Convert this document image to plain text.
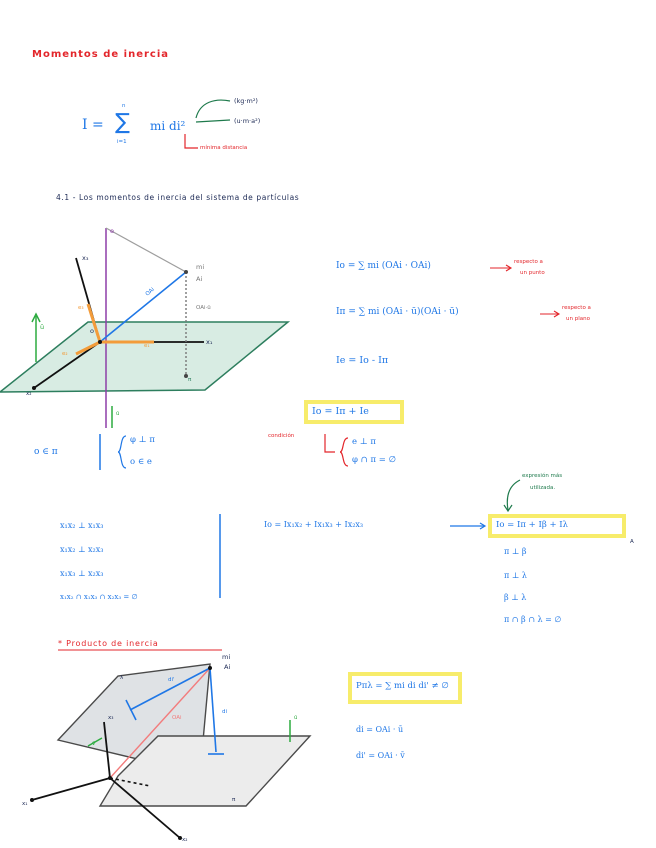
Momentos de inercia
I = ∑
n
i=1
mi di²
(kg·m²)
(u·m·a²)
mínima distancia
4.1 - Los momentos de inercia del sistema de partículas
e
x₃
x₁
x₂
o
mi
Ai
OAi
OAi·ū
π
ū
ū
e₁
e₃
e₂
Io = ∑ mi (OAi · OAi)	respecto a
un punto
Iπ = ∑ mi (OAi · ū)(OAi · ū)	respecto a
un plano
Ie = Io - Iπ
Io = Iπ + Ie
o ∈ π
φ ⊥ π
o ∈ e
condición
e ⊥ π
φ ∩ π = ∅
expresión más
utilizada.
x₁x₂ ⊥ x₁x₃
x₁x₂ ⊥ x₂x₃
x₁x₃ ⊥ x₂x₃
x₁x₂ ∩ x₁x₃ ∩ x₂x₃ = ∅
Io = Ix₁x₂ + Ix₁x₃ + Ix₂x₃	Io = Iπ + Iβ + Iλ
A
π ⊥ β
π ⊥ λ
β ⊥ λ
π ∩ β ∩ λ = ∅
* Producto de inercia
mi
Ai
λ
π
di'
di
OAi	ū
v̄
x₁
x₂
x₃
Pπλ = ∑ mi di di' ≠ ∅
di = OAi · ū
di' = OAi · v̄
